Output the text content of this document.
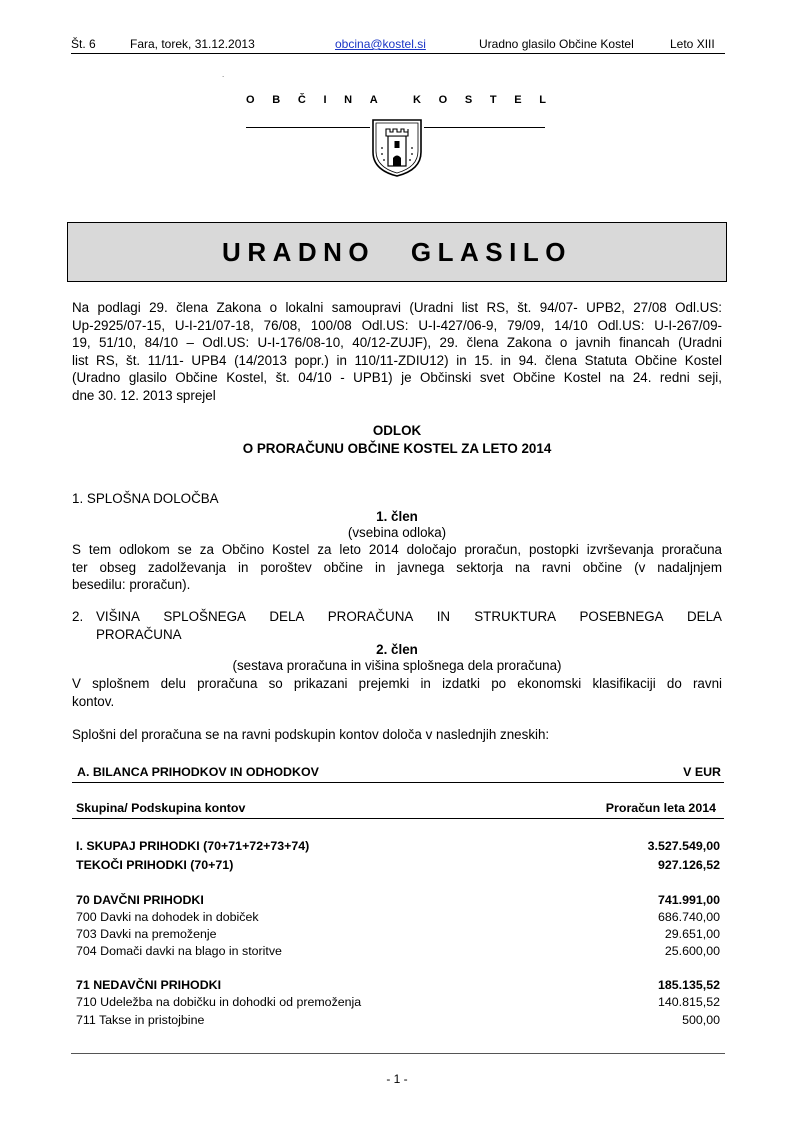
Št. 6	Fara, torek, 31.12.2013	obcina@kostel.si	Uradno glasilo Občine Kostel	Leto XIII
.
O B Č I N A	K O S T E L
URADNO GLASILO
Na podlagi 29. člena Zakona o lokalni samoupravi (Uradni list RS, št. 94/07- UPB2, 27/08 Odl.US:
Up-2925/07-15, U-I-21/07-18, 76/08, 100/08 Odl.US: U-I-427/06-9, 79/09, 14/10 Odl.US: U-I-267/09-
19, 51/10, 84/10 – Odl.US: U-I-176/08-10, 40/12-ZUJF), 29. člena Zakona o javnih financah (Uradni
list RS, št. 11/11- UPB4 (14/2013 popr.) in 110/11-ZDIU12) in 15. in 94. člena Statuta Občine Kostel
(Uradno glasilo Občine Kostel, št. 04/10 - UPB1) je Občinski svet Občine Kostel na 24. redni seji,
dne 30. 12. 2013 sprejel
ODLOK
O PRORAČUNU OBČINE KOSTEL ZA LETO 2014
1. SPLOŠNA DOLOČBA
1. člen
(vsebina odloka)
S tem odlokom se za Občino Kostel za leto 2014 določajo proračun, postopki izvrševanja proračuna
ter obseg zadolževanja in poroštev občine in javnega sektorja na ravni občine (v nadaljnjem
besedilu: proračun).
2. VIŠINA SPLOŠNEGA DELA PRORAČUNA IN STRUKTURA POSEBNEGA DELA
PRORAČUNA
2. člen
(sestava proračuna in višina splošnega dela proračuna)
V splošnem delu proračuna so prikazani prejemki in izdatki po ekonomski klasifikaciji do ravni
kontov.
Splošni del proračuna se na ravni podskupin kontov določa v naslednjih zneskih:
A. BILANCA PRIHODKOV IN ODHODKOV	V EUR
Skupina/ Podskupina kontov	Proračun leta 2014
I. SKUPAJ PRIHODKI (70+71+72+73+74)	3.527.549,00
TEKOČI PRIHODKI (70+71)	927.126,52
70 DAVČNI PRIHODKI	741.991,00
700 Davki na dohodek in dobiček	686.740,00
703 Davki na premoženje	29.651,00
704 Domači davki na blago in storitve	25.600,00
71 NEDAVČNI PRIHODKI	185.135,52
710 Udeležba na dobičku in dohodki od premoženja	140.815,52
711 Takse in pristojbine	500,00
- 1 -
